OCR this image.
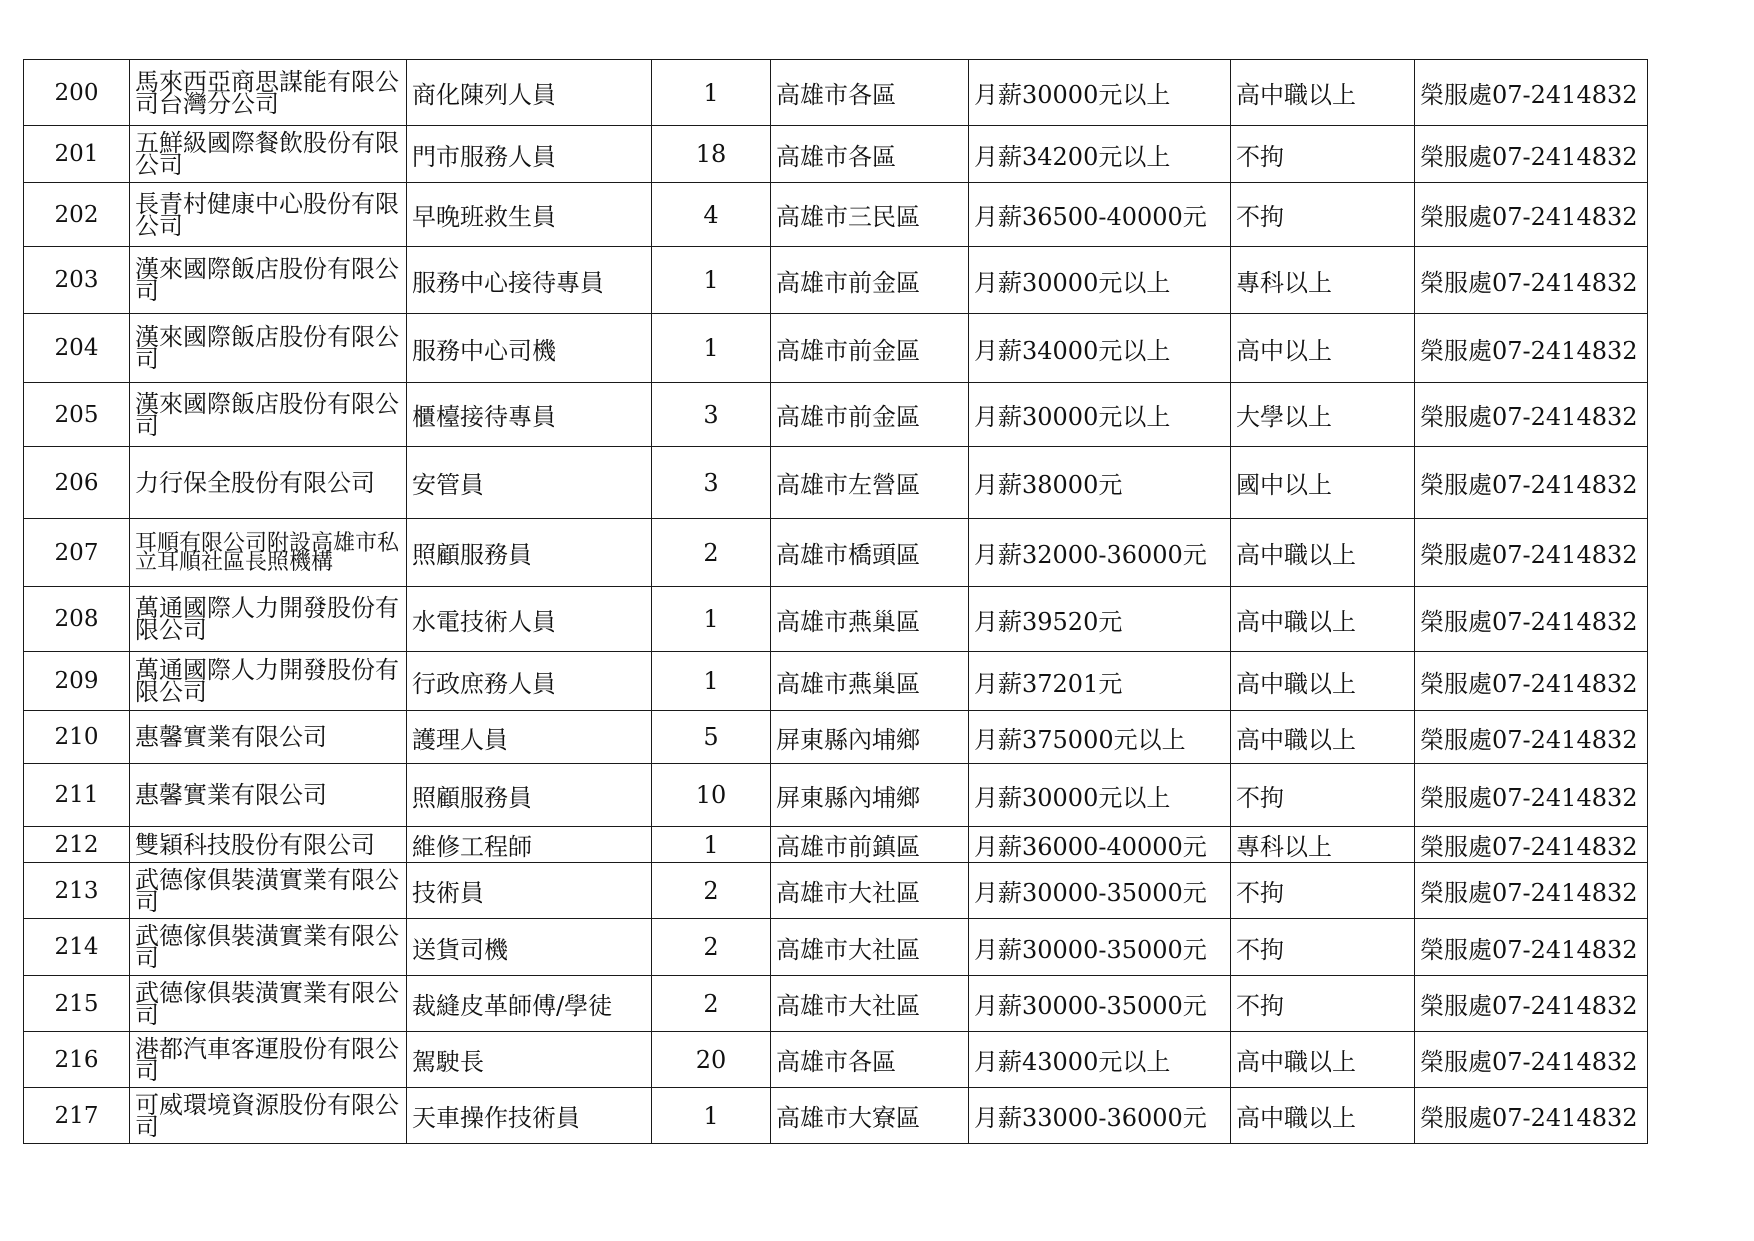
200	馬來西亞商思謀能有限公司台灣分公司	商化陳列人員	1	高雄市各區	月薪30000元以上	高中職以上	榮服處07-2414832
201	五鮮級國際餐飲股份有限公司	門市服務人員	18	高雄市各區	月薪34200元以上	不拘	榮服處07-2414832
202	長青村健康中心股份有限公司	早晚班救生員	4	高雄市三民區	月薪36500-40000元	不拘	榮服處07-2414832
203	漢來國際飯店股份有限公司	服務中心接待專員	1	高雄市前金區	月薪30000元以上	專科以上	榮服處07-2414832
204	漢來國際飯店股份有限公司	服務中心司機	1	高雄市前金區	月薪34000元以上	高中以上	榮服處07-2414832
205	漢來國際飯店股份有限公司	櫃檯接待專員	3	高雄市前金區	月薪30000元以上	大學以上	榮服處07-2414832
206	力行保全股份有限公司	安管員	3	高雄市左營區	月薪38000元	國中以上	榮服處07-2414832
207	耳順有限公司附設高雄市私立耳順社區長照機構	照顧服務員	2	高雄市橋頭區	月薪32000-36000元	高中職以上	榮服處07-2414832
208	萬通國際人力開發股份有限公司	水電技術人員	1	高雄市燕巢區	月薪39520元	高中職以上	榮服處07-2414832
209	萬通國際人力開發股份有限公司	行政庶務人員	1	高雄市燕巢區	月薪37201元	高中職以上	榮服處07-2414832
210	惠馨實業有限公司	護理人員	5	屏東縣內埔鄉	月薪375000元以上	高中職以上	榮服處07-2414832
211	惠馨實業有限公司	照顧服務員	10	屏東縣內埔鄉	月薪30000元以上	不拘	榮服處07-2414832
212	雙穎科技股份有限公司	維修工程師	1	高雄市前鎮區	月薪36000-40000元	專科以上	榮服處07-2414832
213	武德傢俱裝潢實業有限公司	技術員	2	高雄市大社區	月薪30000-35000元	不拘	榮服處07-2414832
214	武德傢俱裝潢實業有限公司	送貨司機	2	高雄市大社區	月薪30000-35000元	不拘	榮服處07-2414832
215	武德傢俱裝潢實業有限公司	裁縫皮革師傅/學徒	2	高雄市大社區	月薪30000-35000元	不拘	榮服處07-2414832
216	港都汽車客運股份有限公司	駕駛長	20	高雄市各區	月薪43000元以上	高中職以上	榮服處07-2414832
217	可威環境資源股份有限公司	天車操作技術員	1	高雄市大寮區	月薪33000-36000元	高中職以上	榮服處07-2414832
